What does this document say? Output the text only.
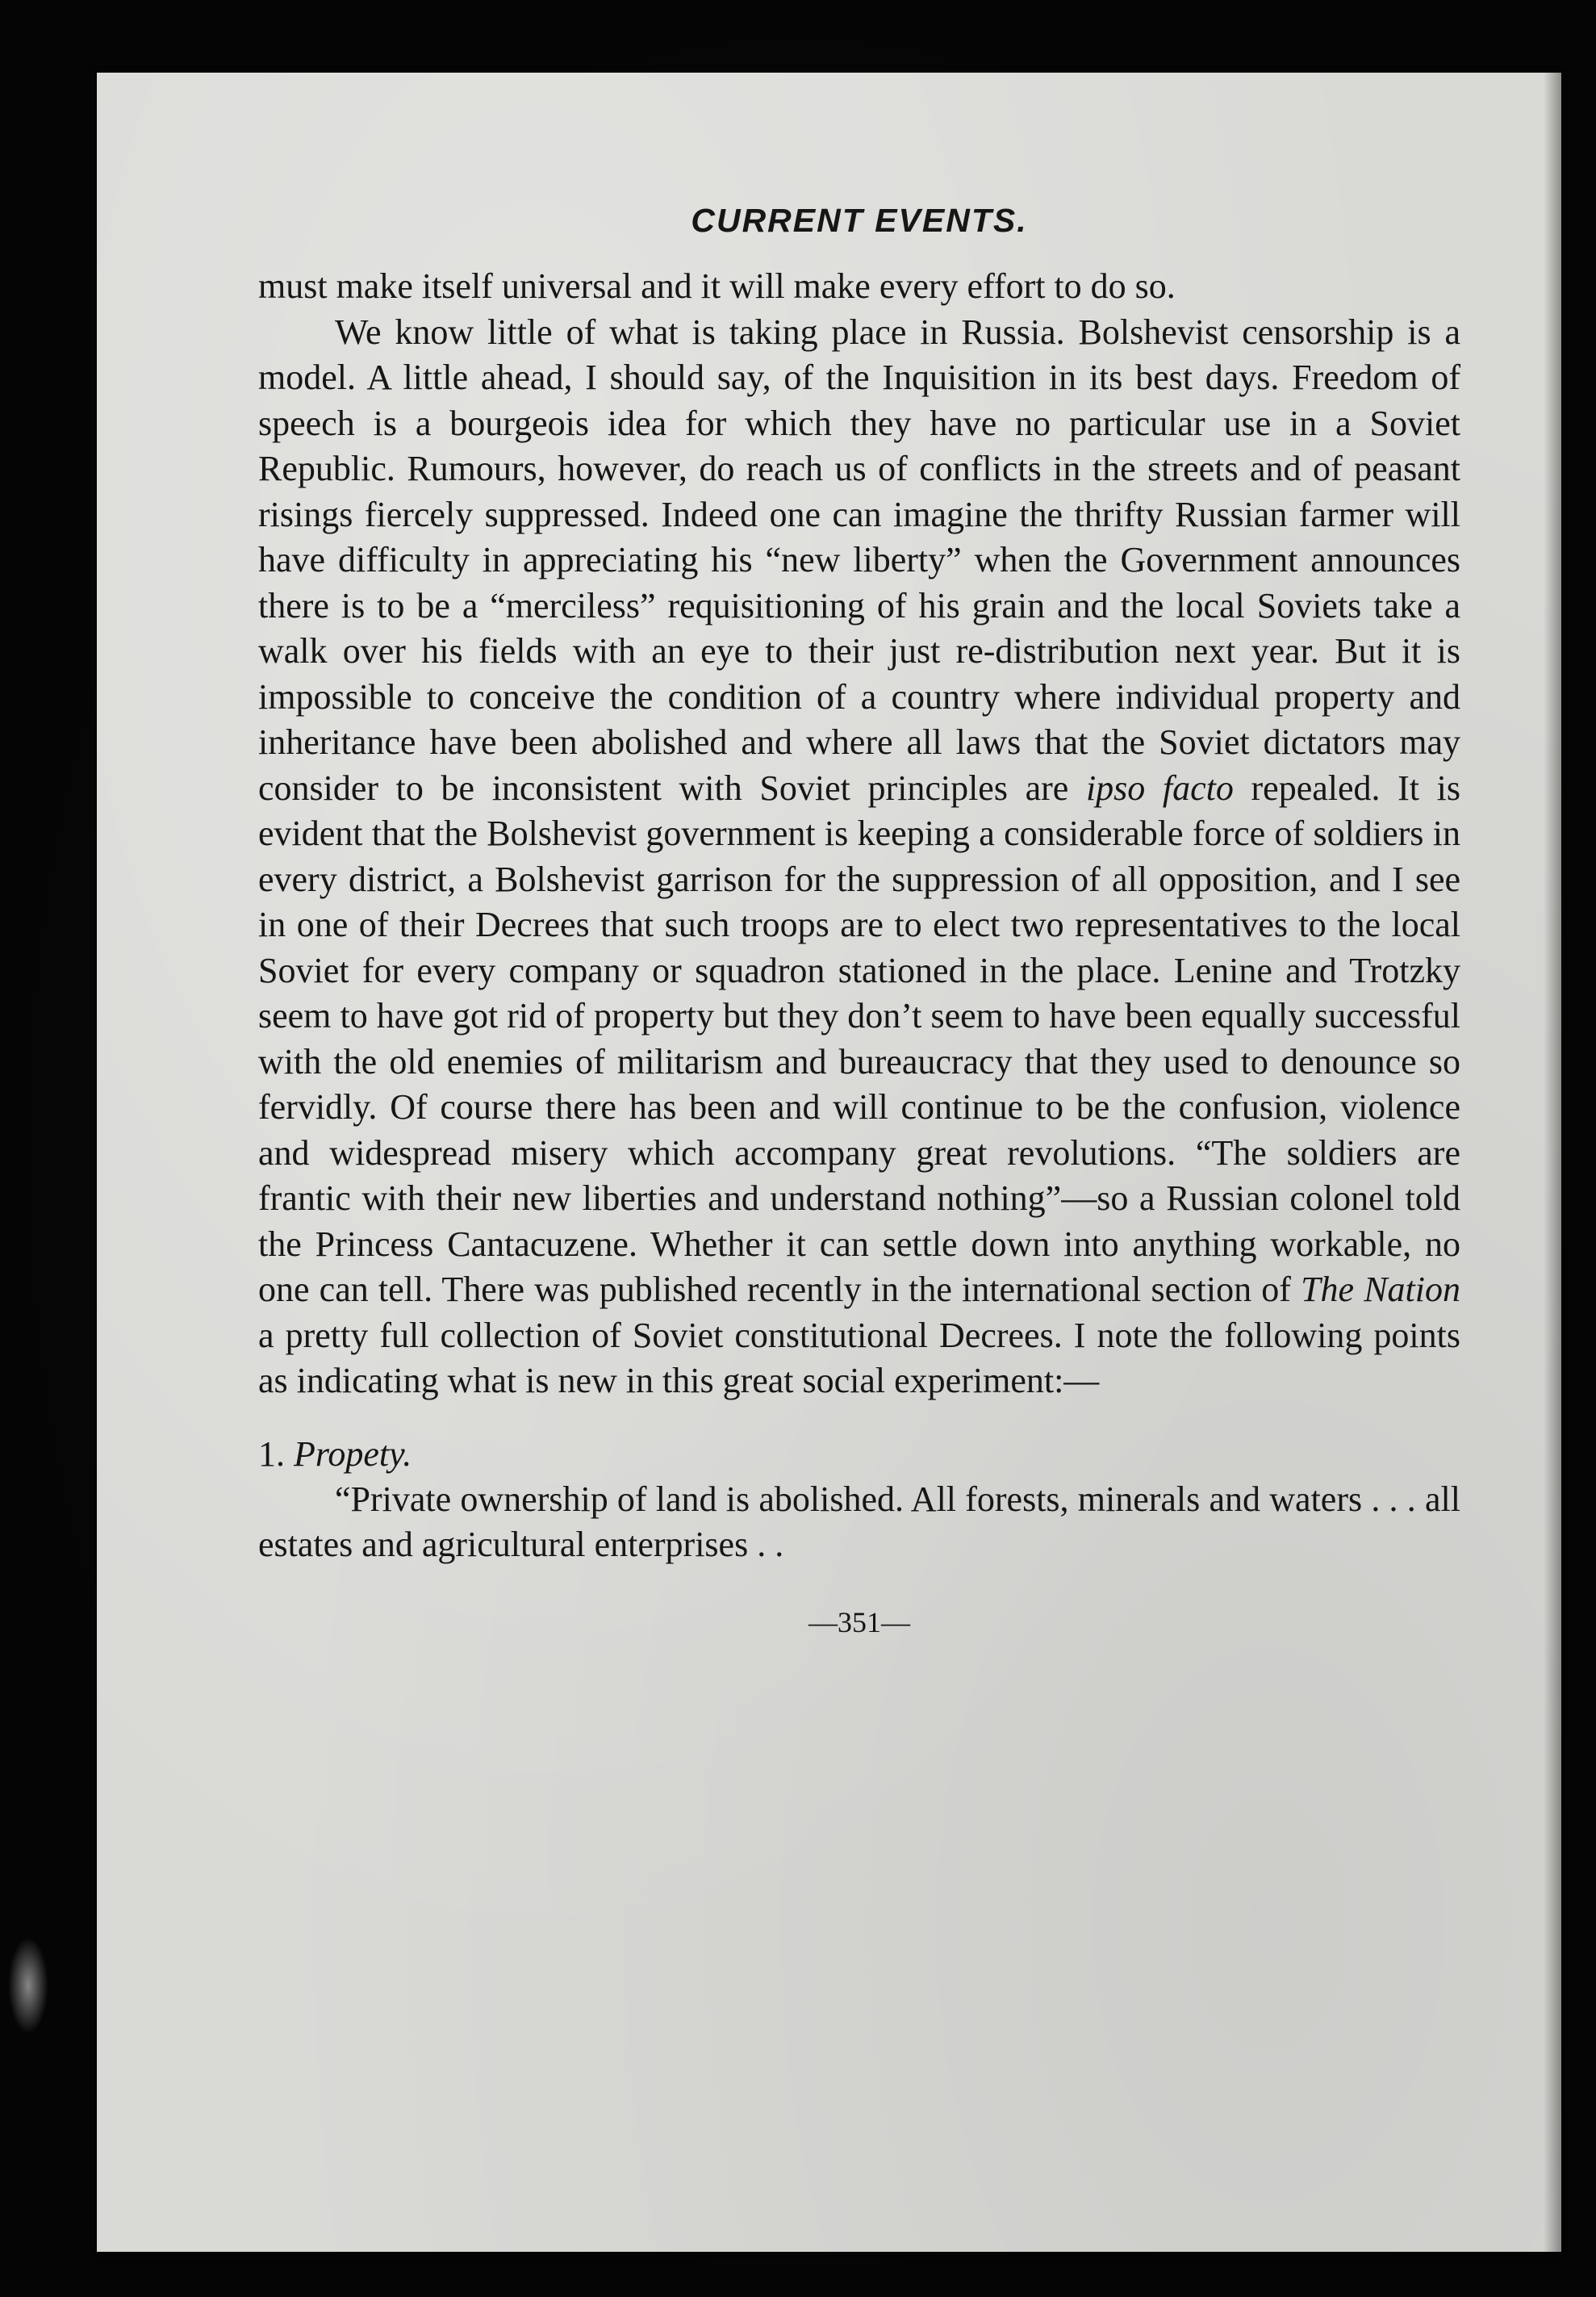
CURRENT EVENTS.

must make itself universal and it will make every effort to do so.

We know little of what is taking place in Russia. Bolshevist censorship is a model. A little ahead, I should say, of the Inquisition in its best days. Freedom of speech is a bourgeois idea for which they have no particular use in a Soviet Republic. Rumours, however, do reach us of conflicts in the streets and of peasant risings fiercely suppressed. Indeed one can imagine the thrifty Russian farmer will have difficulty in appreciating his “new liberty” when the Government announces there is to be a “merciless” requisitioning of his grain and the local Soviets take a walk over his fields with an eye to their just re-distribution next year. But it is impossible to conceive the condition of a country where individual property and inheritance have been abolished and where all laws that the Soviet dictators may consider to be inconsistent with Soviet principles are ipso facto repealed. It is evident that the Bolshevist government is keeping a considerable force of soldiers in every district, a Bolshevist garrison for the suppression of all opposition, and I see in one of their Decrees that such troops are to elect two representatives to the local Soviet for every company or squadron stationed in the place. Lenine and Trotzky seem to have got rid of property but they don’t seem to have been equally successful with the old enemies of militarism and bureaucracy that they used to denounce so fervidly. Of course there has been and will continue to be the confusion, violence and widespread misery which accompany great revolutions. “The soldiers are frantic with their new liberties and understand nothing”—so a Russian colonel told the Princess Cantacuzene. Whether it can settle down into anything workable, no one can tell. There was published recently in the international section of The Nation a pretty full collection of Soviet constitutional Decrees. I note the following points as indicating what is new in this great social experiment:—

1. Propety.

“Private ownership of land is abolished. All forests, minerals and waters . . . all estates and agricultural enterprises . .

—351—
